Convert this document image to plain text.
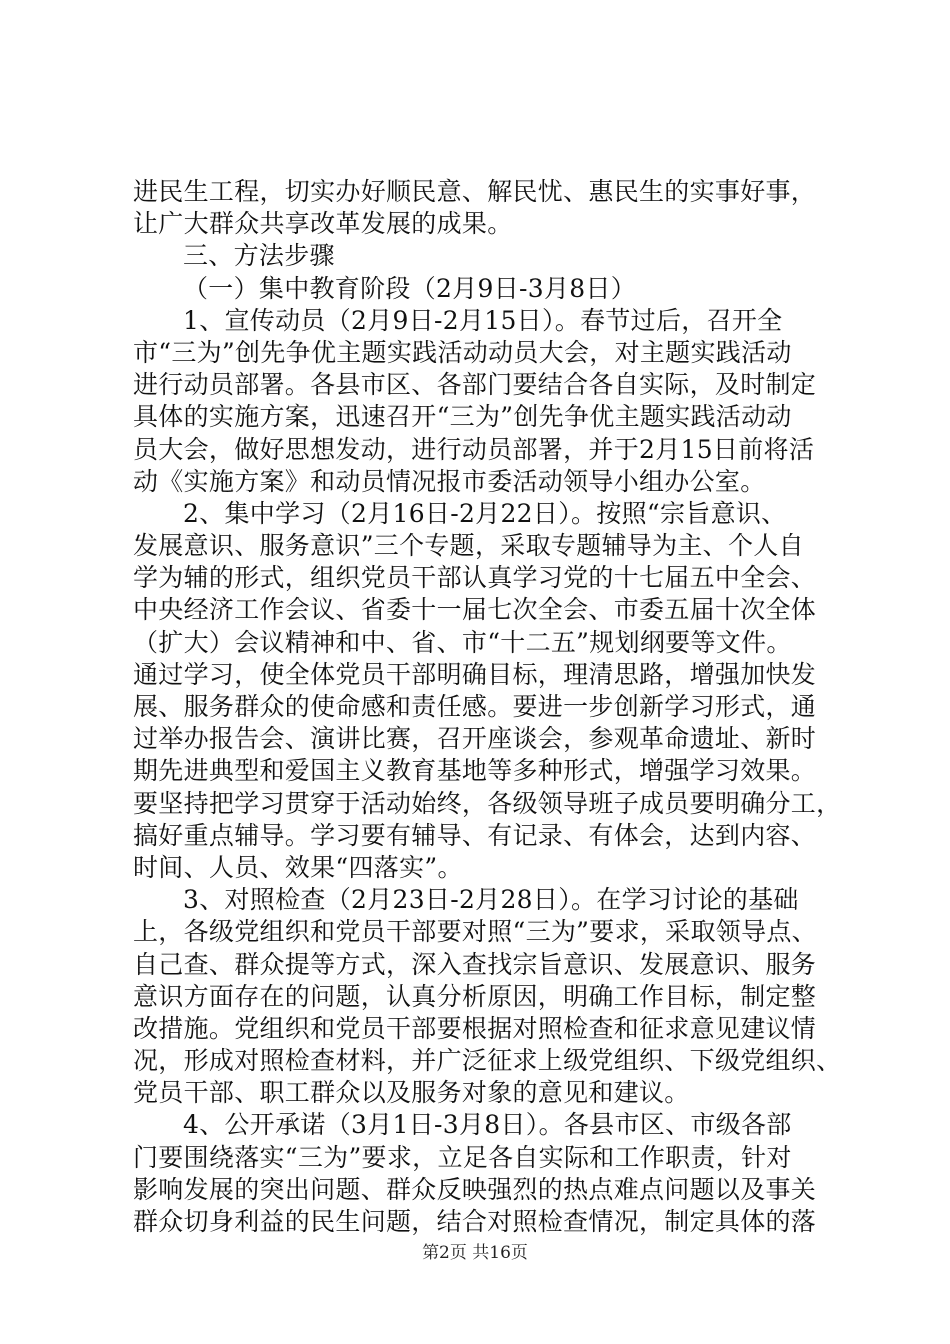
进民生工程，切实办好顺民意、解民忧、惠民生的实事好事，
让广大群众共享改革发展的成果。
三、方法步骤
（一）集中教育阶段（2月9日-3月8日）
1、宣传动员（2月9日-2月15日）。春节过后，召开全
市“三为”创先争优主题实践活动动员大会，对主题实践活动
进行动员部署。各县市区、各部门要结合各自实际，及时制定
具体的实施方案，迅速召开“三为”创先争优主题实践活动动
员大会，做好思想发动，进行动员部署，并于2月15日前将活
动《实施方案》和动员情况报市委活动领导小组办公室。
2、集中学习（2月16日-2月22日）。按照“宗旨意识、
发展意识、服务意识”三个专题，采取专题辅导为主、个人自
学为辅的形式，组织党员干部认真学习党的十七届五中全会、
中央经济工作会议、省委十一届七次全会、市委五届十次全体
（扩大）会议精神和中、省、市“十二五”规划纲要等文件。
通过学习，使全体党员干部明确目标，理清思路，增强加快发
展、服务群众的使命感和责任感。要进一步创新学习形式，通
过举办报告会、演讲比赛，召开座谈会，参观革命遗址、新时
期先进典型和爱国主义教育基地等多种形式，增强学习效果。
要坚持把学习贯穿于活动始终，各级领导班子成员要明确分工，
搞好重点辅导。学习要有辅导、有记录、有体会，达到内容、
时间、人员、效果“四落实”。
3、对照检查（2月23日-2月28日）。在学习讨论的基础
上，各级党组织和党员干部要对照“三为”要求，采取领导点、
自己查、群众提等方式，深入查找宗旨意识、发展意识、服务
意识方面存在的问题，认真分析原因，明确工作目标，制定整
改措施。党组织和党员干部要根据对照检查和征求意见建议情
况，形成对照检查材料，并广泛征求上级党组织、下级党组织、
党员干部、职工群众以及服务对象的意见和建议。
4、公开承诺（3月1日-3月8日）。各县市区、市级各部
门要围绕落实“三为”要求，立足各自实际和工作职责，针对
影响发展的突出问题、群众反映强烈的热点难点问题以及事关
群众切身利益的民生问题，结合对照检查情况，制定具体的落
第2页 共16页
